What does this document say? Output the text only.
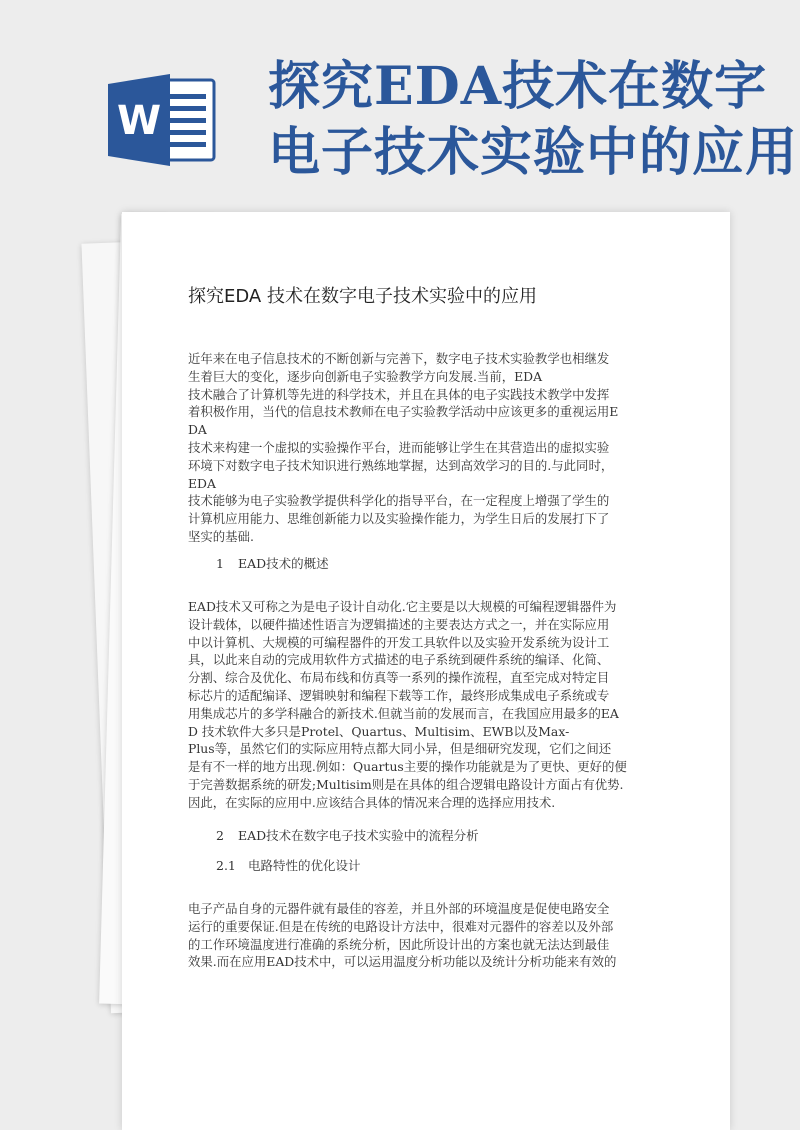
W
探究EDA技术在数字
电子技术实验中的应用
探究EDA 技术在数字电子技术实验中的应用

近年来在电子信息技术的不断创新与完善下，数字电子技术实验教学也相继发

生着巨大的变化，逐步向创新电子实验教学方向发展.当前，EDA

技术融合了计算机等先进的科学技术，并且在具体的电子实践技术教学中发挥

着积极作用，当代的信息技术教师在电子实验教学活动中应该更多的重视运用E

DA

技术来构建一个虚拟的实验操作平台，进而能够让学生在其营造出的虚拟实验

环境下对数字电子技术知识进行熟练地掌握，达到高效学习的目的.与此同时，

EDA

技术能够为电子实验教学提供科学化的指导平台，在一定程度上增强了学生的

计算机应用能力、思维创新能力以及实验操作能力，为学生日后的发展打下了

坚实的基础.

1 EAD技术的概述

EAD技术又可称之为是电子设计自动化.它主要是以大规模的可编程逻辑器件为

设计载体，以硬件描述性语言为逻辑描述的主要表达方式之一，并在实际应用

中以计算机、大规模的可编程器件的开发工具软件以及实验开发系统为设计工

具，以此来自动的完成用软件方式描述的电子系统到硬件系统的编译、化简、

分割、综合及优化、布局布线和仿真等一系列的操作流程，直至完成对特定目

标芯片的适配编译、逻辑映射和编程下载等工作，最终形成集成电子系统或专

用集成芯片的多学科融合的新技术.但就当前的发展而言，在我国应用最多的EA

D 技术软件大多只是Protel、Quartus、Multisim、EWB以及Max-

Plus等，虽然它们的实际应用特点都大同小异，但是细研究发现，它们之间还

是有不一样的地方出现.例如：Quartus主要的操作功能就是为了更快、更好的便

于完善数据系统的研发;Multisim则是在具体的组合逻辑电路设计方面占有优势.

因此，在实际的应用中.应该结合具体的情况来合理的选择应用技术.

2 EAD技术在数字电子技术实验中的流程分析

2.1 电路特性的优化设计

电子产品自身的元器件就有最佳的容差，并且外部的环境温度是促使电路安全

运行的重要保证.但是在传统的电路设计方法中，很难对元器件的容差以及外部

的工作环境温度进行准确的系统分析，因此所设计出的方案也就无法达到最佳

效果.而在应用EAD技术中，可以运用温度分析功能以及统计分析功能来有效的
